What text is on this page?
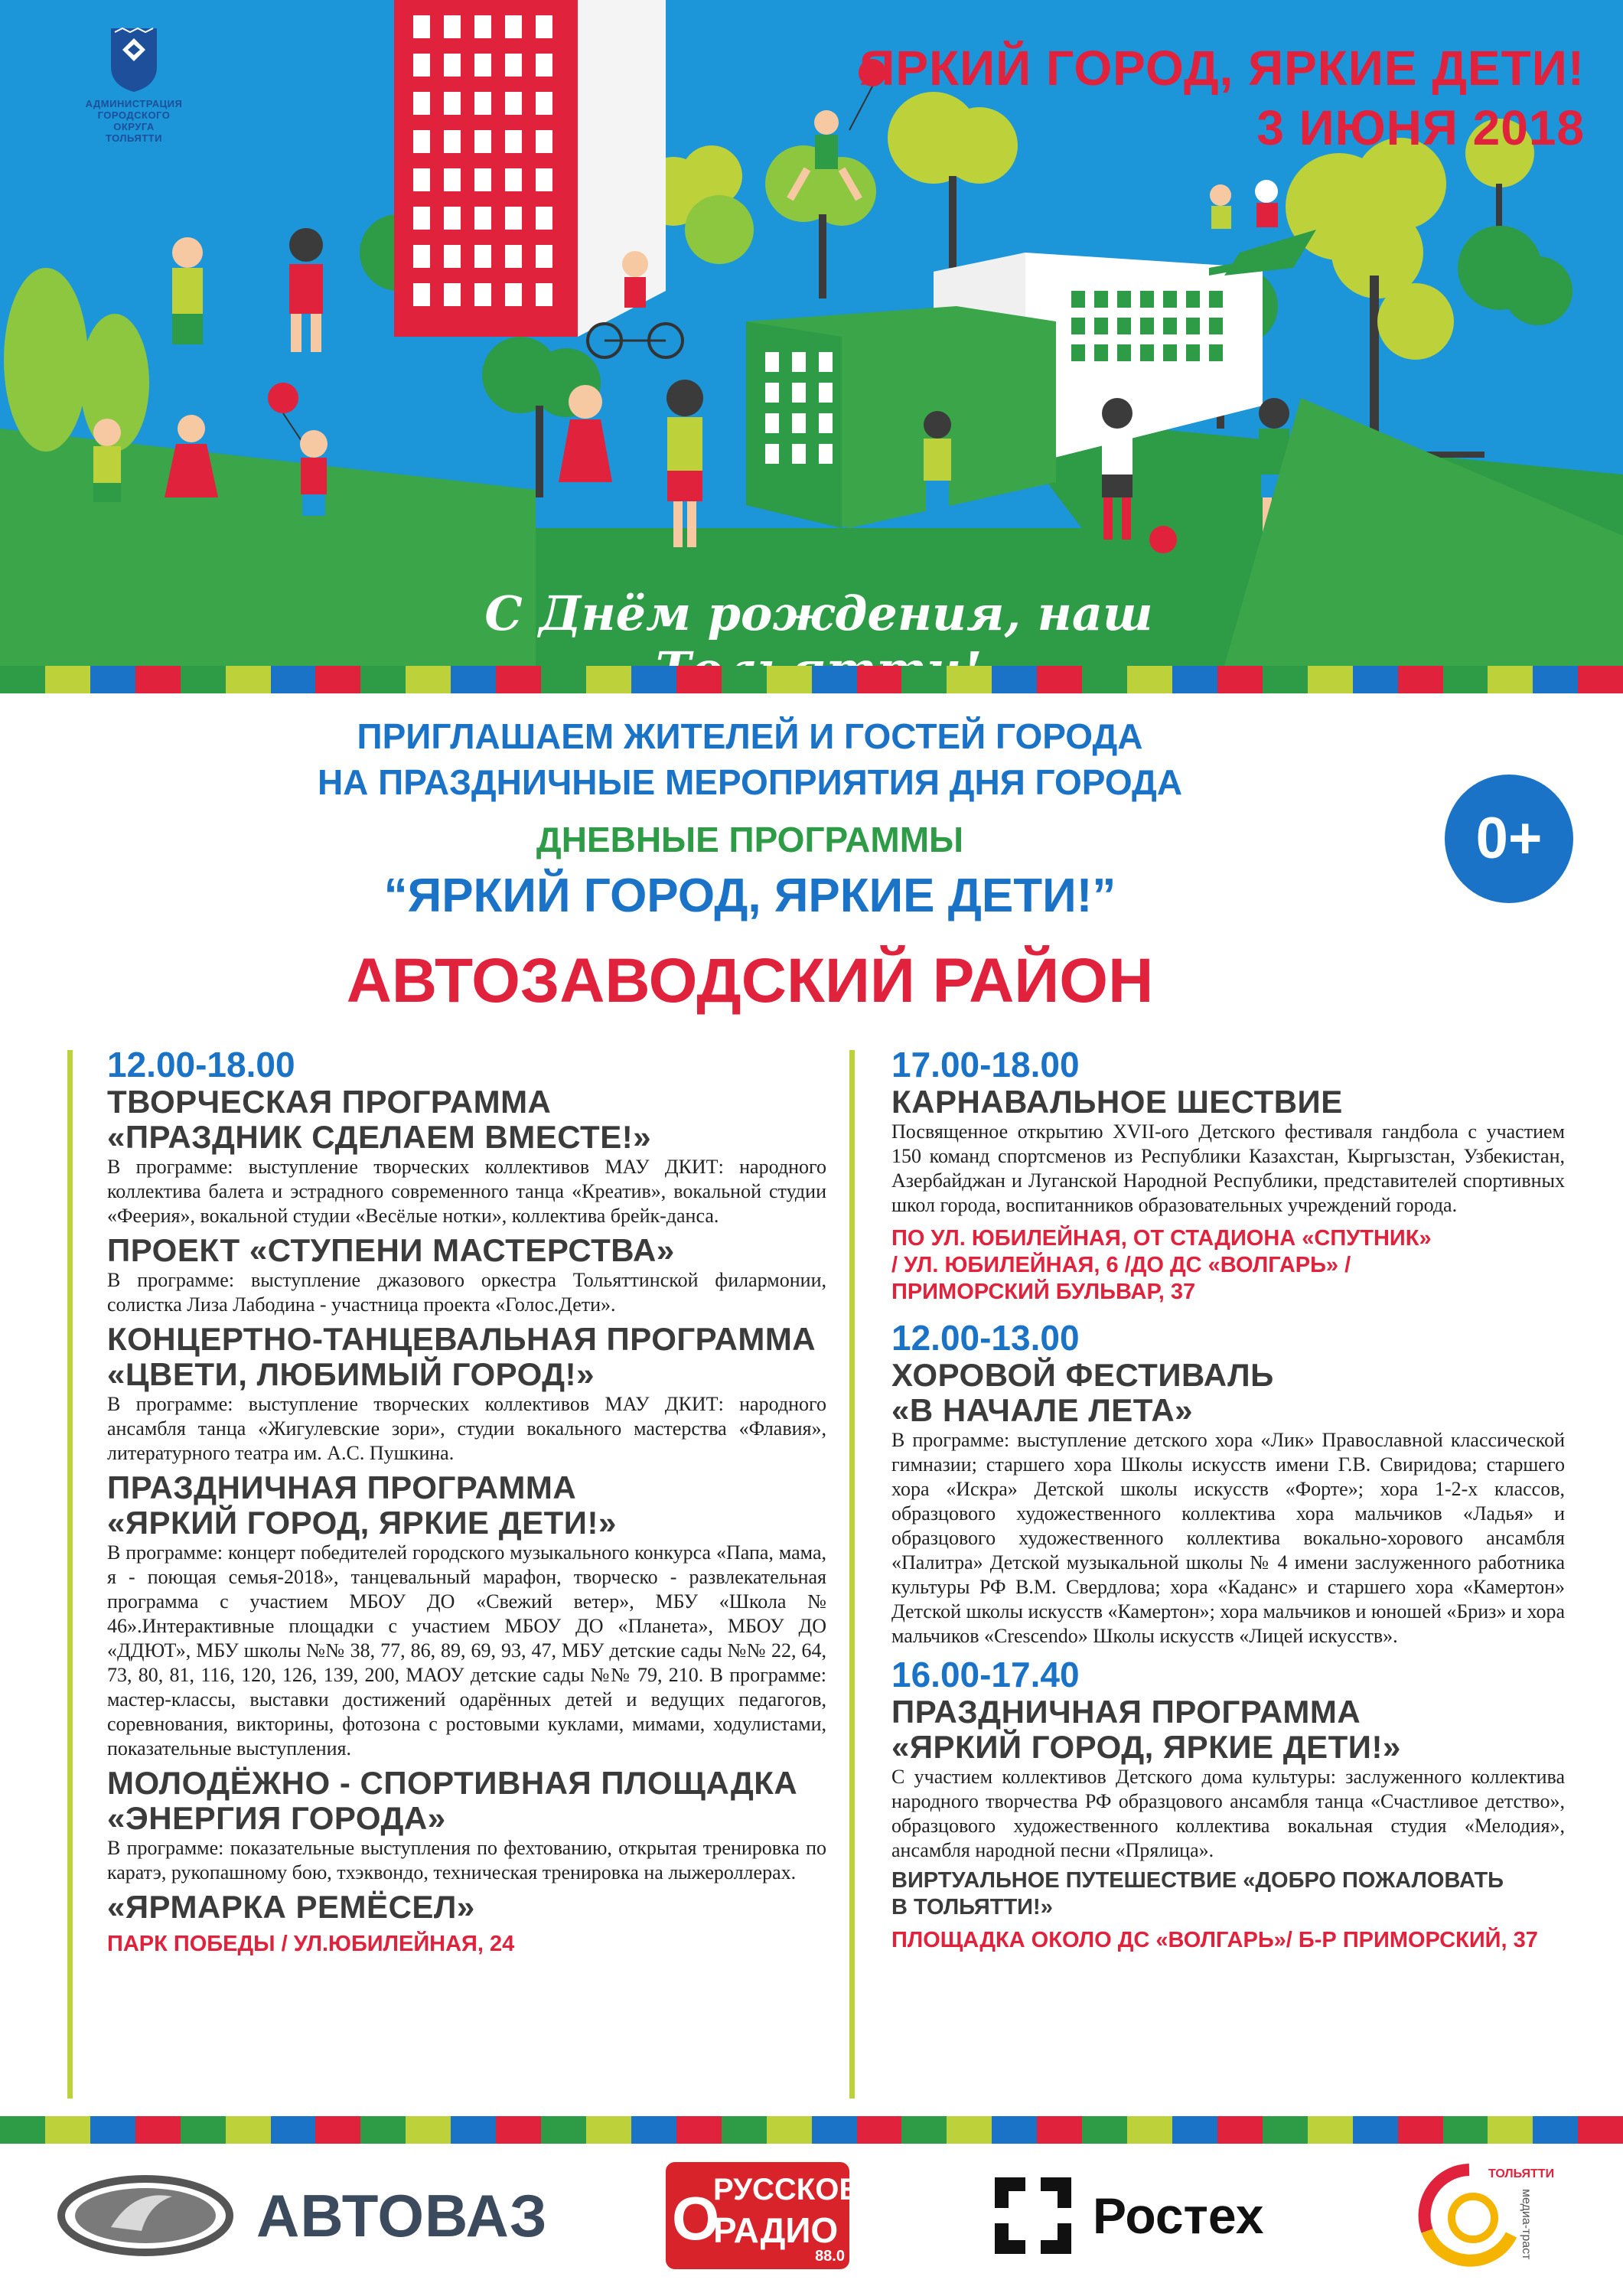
АДМИНИСТРАЦИЯ
ГОРОДСКОГО ОКРУГА
ТОЛЬЯТТИ
ЯРКИЙ ГОРОД, ЯРКИЕ ДЕТИ!
3 ИЮНЯ 2018
С Днём рождения, наш
ПРИГЛАШАЕМ ЖИТЕЛЕЙ И ГОСТЕЙ ГОРОДА
НА ПРАЗДНИЧНЫЕ МЕРОПРИЯТИЯ ДНЯ ГОРОДА
ДНЕВНЫЕ ПРОГРАММЫ
“ЯРКИЙ ГОРОД, ЯРКИЕ ДЕТИ!”
АВТОЗАВОДСКИЙ РАЙОН
0+
12.00-18.00
ТВОРЧЕСКАЯ ПРОГРАММА
«ПРАЗДНИК СДЕЛАЕМ ВМЕСТЕ!»

В программе: выступление творческих коллективов МАУ ДКИТ: народного коллектива балета и эстрадного современного танца «Креатив», вокальной студии «Феерия», вокальной студии «Весёлые нотки», коллектива брейк-данса.

ПРОЕКТ «СТУПЕНИ МАСТЕРСТВА»

В программе: выступление джазового оркестра Тольяттинской филармонии, солистка Лиза Лабодина - участница проекта «Голос.Дети».

КОНЦЕРТНО-ТАНЦЕВАЛЬНАЯ ПРОГРАММА
«ЦВЕТИ, ЛЮБИМЫЙ ГОРОД!»

В программе: выступление творческих коллективов МАУ ДКИТ: народного ансамбля танца «Жигулевские зори», студии вокального мастерства «Флавия», литературного театра им. А.С. Пушкина.

ПРАЗДНИЧНАЯ ПРОГРАММА
«ЯРКИЙ ГОРОД, ЯРКИЕ ДЕТИ!»

В программе: концерт победителей городского музыкального конкурса «Папа, мама, я - поющая семья-2018», танцевальный марафон, творческо - развлекательная программа с участием МБОУ ДО «Свежий ветер», МБУ «Школа № 46».Интерактивные площадки с участием МБОУ ДО «Планета», МБОУ ДО «ДДЮТ», МБУ школы №№ 38, 77, 86, 89, 69, 93, 47, МБУ детские сады №№ 22, 64, 73, 80, 81, 116, 120, 126, 139, 200, МАОУ детские сады №№ 79, 210. В программе: мастер-классы, выставки достижений одарённых детей и ведущих педагогов, соревнования, викторины, фотозона с ростовыми куклами, мимами, ходулистами, показательные выступления.

МОЛОДЁЖНО - СПОРТИВНАЯ ПЛОЩАДКА
«ЭНЕРГИЯ ГОРОДА»

В программе: показательные выступления по фехтованию, открытая тренировка по каратэ, рукопашному бою, тхэквондо, техническая тренировка на лыжероллерах.

«ЯРМАРКА РЕМЁСЕЛ»
ПАРК ПОБЕДЫ / УЛ.ЮБИЛЕЙНАЯ, 24
17.00-18.00
КАРНАВАЛЬНОЕ ШЕСТВИЕ

Посвященное открытию XVII-ого Детского фестиваля гандбола с участием 150 команд спортсменов из Республики Казахстан, Кыргызстан, Узбекистан, Азербайджан и Луганской Народной Республики, представителей спортивных школ города, воспитанников образовательных учреждений города.

ПО УЛ. ЮБИЛЕЙНАЯ, ОТ СТАДИОНА «СПУТНИК»
/ УЛ. ЮБИЛЕЙНАЯ, 6 /ДО ДС «ВОЛГАРЬ» /
ПРИМОРСКИЙ БУЛЬВАР, 37
12.00-13.00
ХОРОВОЙ ФЕСТИВАЛЬ
«В НАЧАЛЕ ЛЕТА»

В программе: выступление детского хора «Лик» Православной классической гимназии; старшего хора Школы искусств имени Г.В. Свиридова; старшего хора «Искра» Детской школы искусств «Форте»; хора 1-2-х классов, образцового художественного коллектива хора мальчиков «Ладья» и образцового художественного коллектива вокально-хорового ансамбля «Палитра» Детской музыкальной школы № 4 имени заслуженного работника культуры РФ В.М. Свердлова; хора «Каданс» и старшего хора «Камертон» Детской школы искусств «Камертон»; хора мальчиков и юношей «Бриз» и хора мальчиков «Crescendo» Школы искусств «Лицей искусств».

16.00-17.40
ПРАЗДНИЧНАЯ ПРОГРАММА
«ЯРКИЙ ГОРОД, ЯРКИЕ ДЕТИ!»

С участием коллективов Детского дома культуры: заслуженного коллектива народного творчества РФ образцового ансамбля танца «Счастливое детство», образцового художественного коллектива вокальная студия «Мелодия», ансамбля народной песни «Прялица».

ВИРТУАЛЬНОЕ ПУТЕШЕСТВИЕ «ДОБРО ПОЖАЛОВАТЬ
В ТОЛЬЯТТИ!»
ПЛОЩАДКА ОКОЛО ДС «ВОЛГАРЬ»/ Б-Р ПРИМОРСКИЙ, 37
АВТОВАЗ O
РУССКОЕ
РАДИО
88.0
Ростех
ТОЛЬЯТТИ
медиа-траст
